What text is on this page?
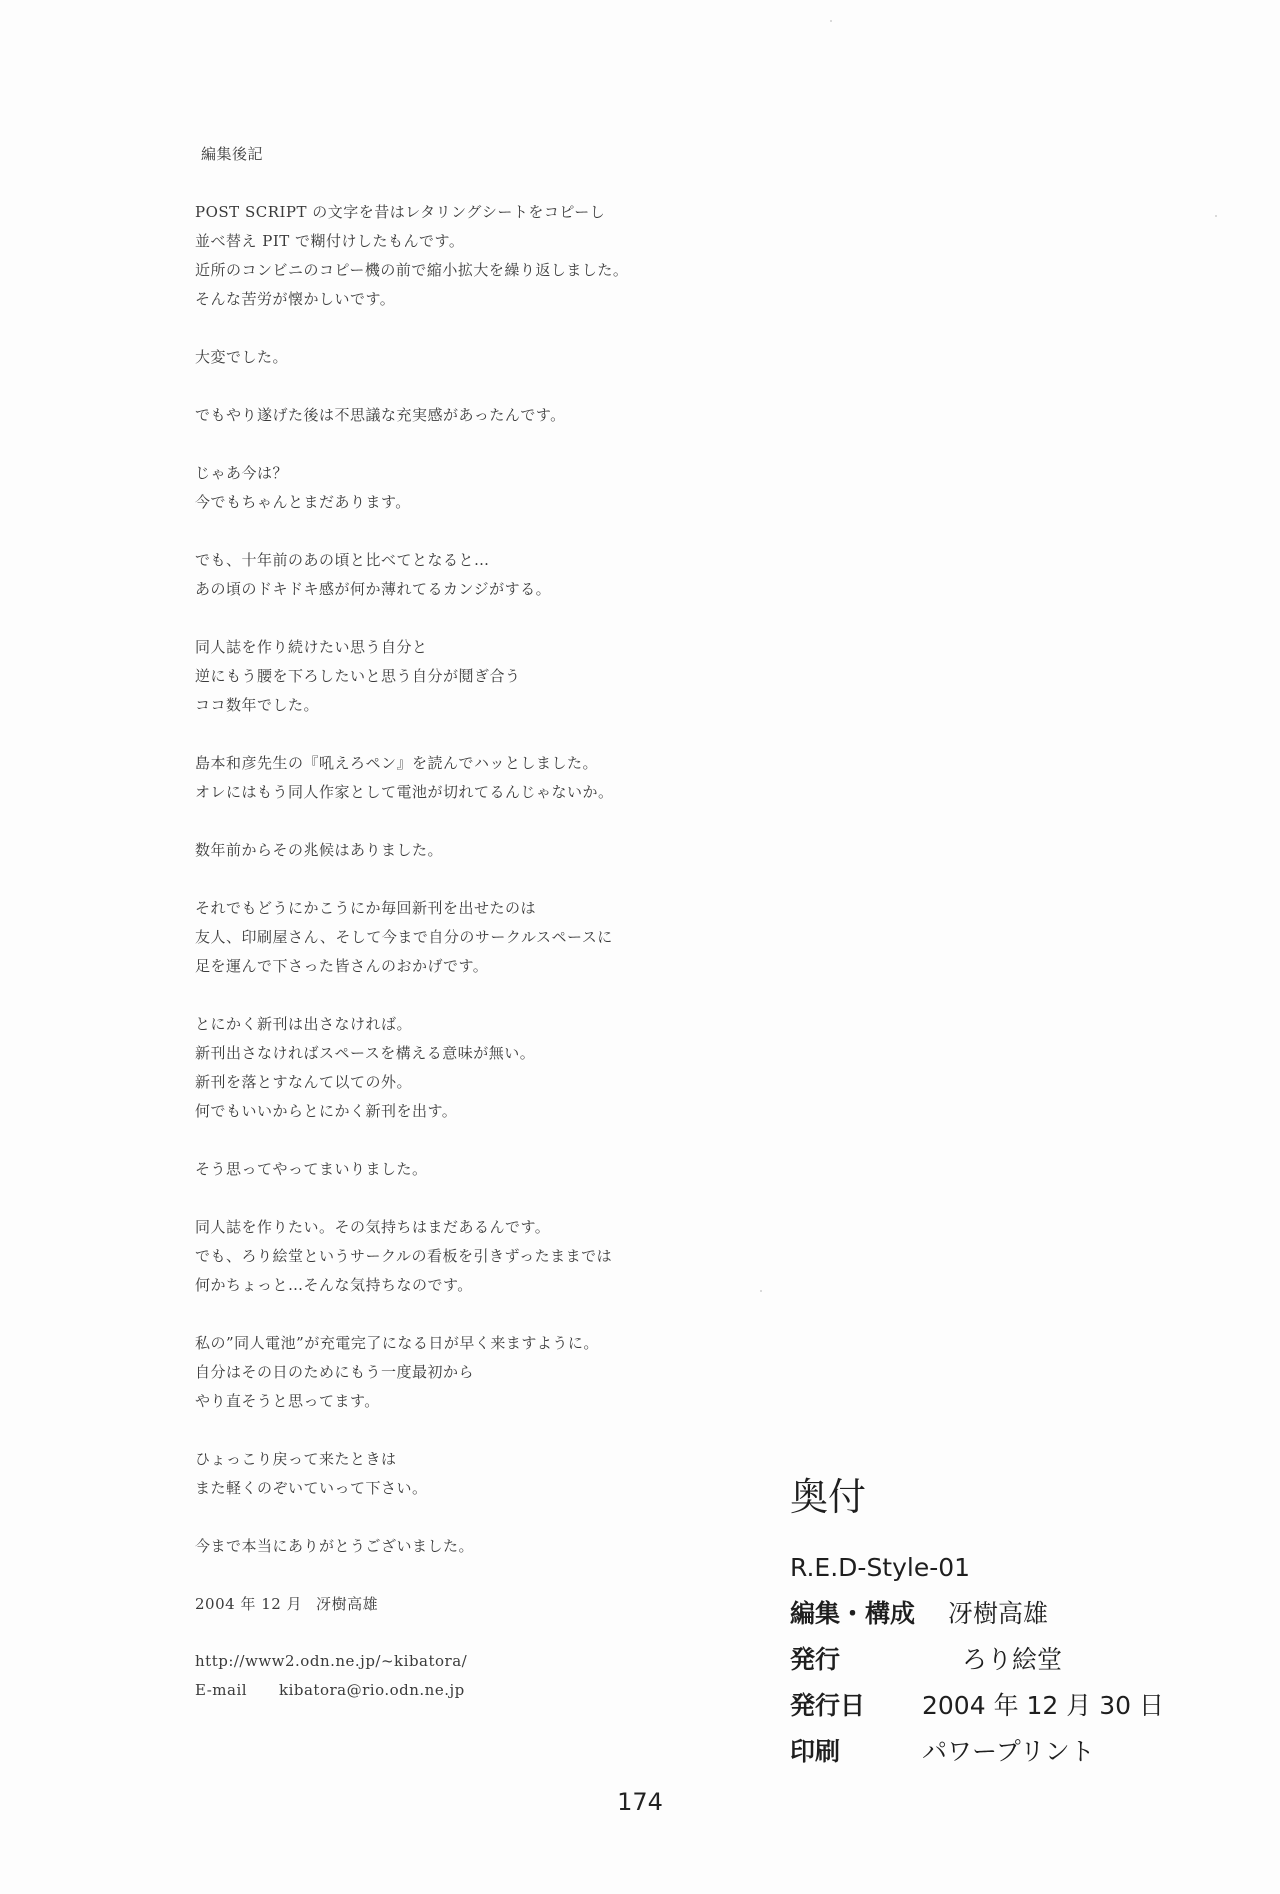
編集後記
POST SCRIPT の文字を昔はレタリングシートをコピーし
並べ替え PIT で糊付けしたもんです。
近所のコンビニのコピー機の前で縮小拡大を繰り返しました。
そんな苦労が懐かしいです。
大変でした。
でもやり遂げた後は不思議な充実感があったんです。
じゃあ今は？
今でもちゃんとまだあります。
でも、十年前のあの頃と比べてとなると…
あの頃のドキドキ感が何か薄れてるカンジがする。
同人誌を作り続けたい思う自分と
逆にもう腰を下ろしたいと思う自分が鬩ぎ合う
ココ数年でした。
島本和彦先生の『吼えろペン』を読んでハッとしました。
オレにはもう同人作家として電池が切れてるんじゃないか。
数年前からその兆候はありました。
それでもどうにかこうにか毎回新刊を出せたのは
友人、印刷屋さん、そして今まで自分のサークルスペースに
足を運んで下さった皆さんのおかげです。
とにかく新刊は出さなければ。
新刊出さなければスペースを構える意味が無い。
新刊を落とすなんて以ての外。
何でもいいからとにかく新刊を出す。
そう思ってやってまいりました。
同人誌を作りたい。その気持ちはまだあるんです。
でも、ろり絵堂というサークルの看板を引きずったままでは
何かちょっと…そんな気持ちなのです。
私の”同人電池”が充電完了になる日が早く来ますように。
自分はその日のためにもう一度最初から
やり直そうと思ってます。
ひょっこり戻って来たときは
また軽くのぞいていって下さい。
今まで本当にありがとうございました。
2004 年 12 月 冴樹高雄
http://www2.odn.ne.jp/~kibatora/
E-mail kibatora@rio.odn.ne.jp
奥付
R.E.D-Style-01
編集・構成	冴樹高雄
発行	ろり絵堂
発行日	2004 年 12 月 30 日
印刷	パワープリント
174
